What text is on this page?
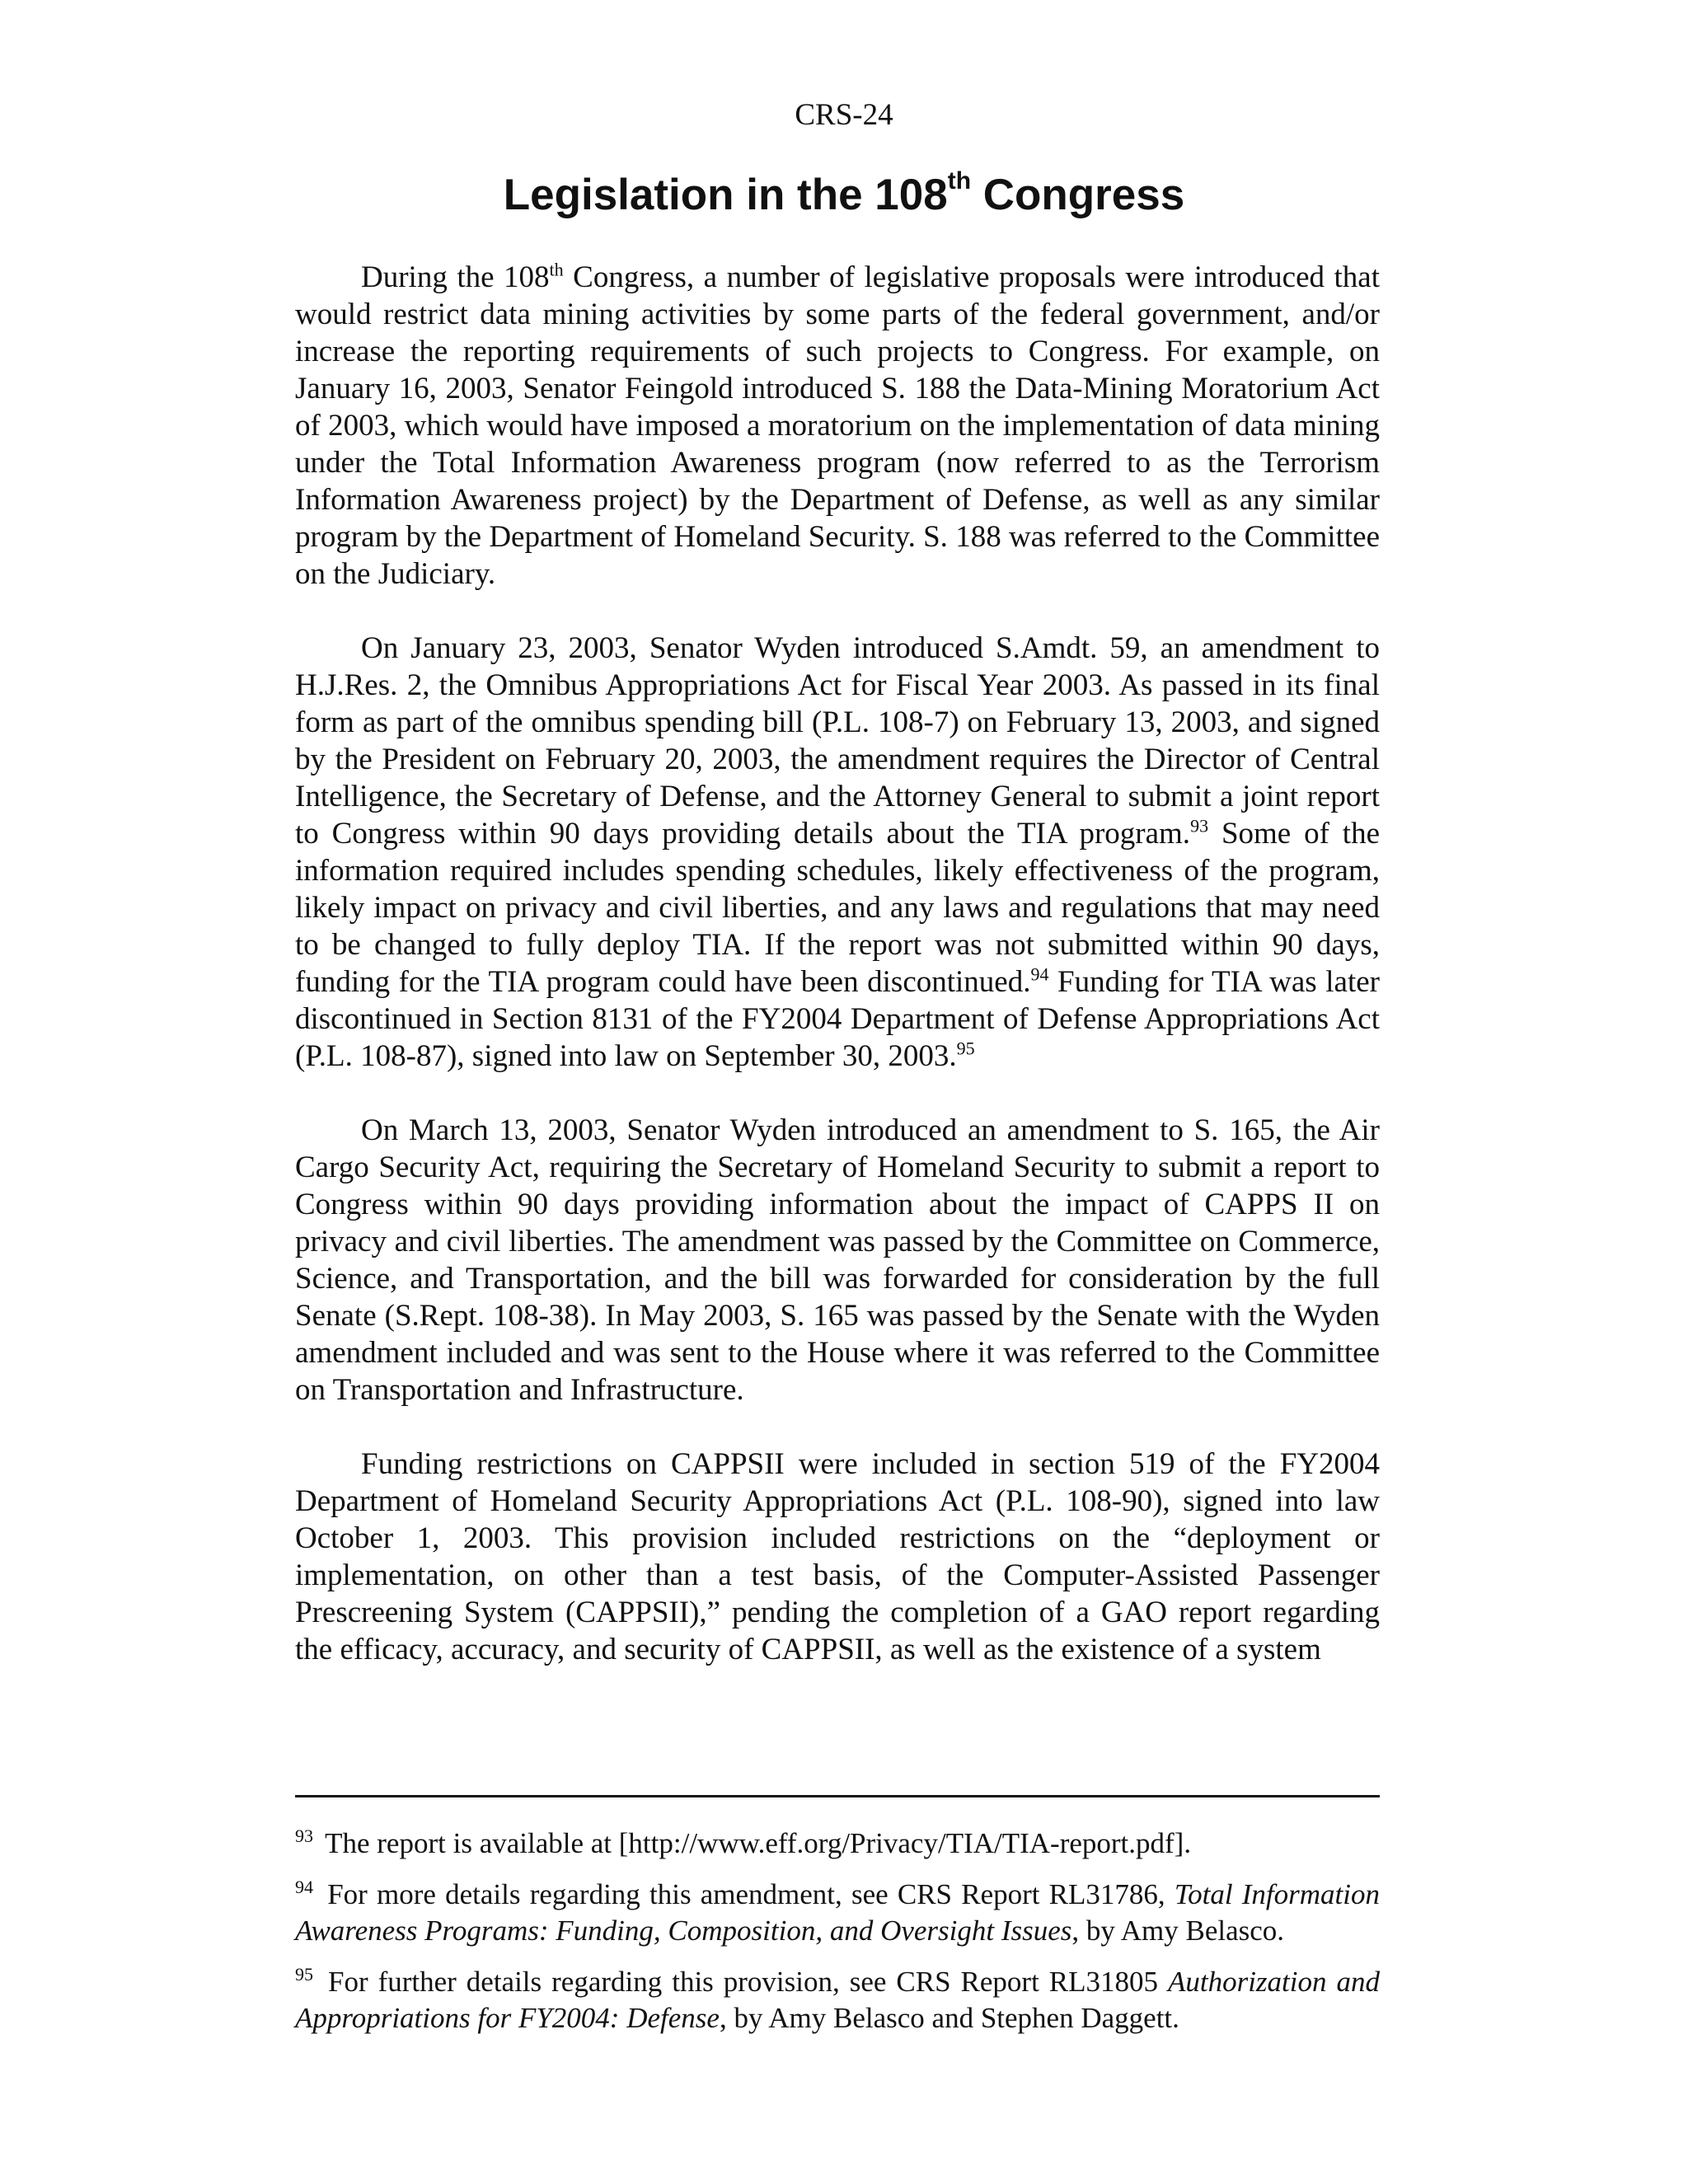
CRS-24
Legislation in the 108th Congress

During the 108th Congress, a number of legislative proposals were introduced that would restrict data mining activities by some parts of the federal government, and/or increase the reporting requirements of such projects to Congress. For example, on January 16, 2003, Senator Feingold introduced S. 188 the Data-Mining Moratorium Act of 2003, which would have imposed a moratorium on the implementation of data mining under the Total Information Awareness program (now referred to as the Terrorism Information Awareness project) by the Department of Defense, as well as any similar program by the Department of Homeland Security. S. 188 was referred to the Committee on the Judiciary.

On January 23, 2003, Senator Wyden introduced S.Amdt. 59, an amendment to H.J.Res. 2, the Omnibus Appropriations Act for Fiscal Year 2003. As passed in its final form as part of the omnibus spending bill (P.L. 108-7) on February 13, 2003, and signed by the President on February 20, 2003, the amendment requires the Director of Central Intelligence, the Secretary of Defense, and the Attorney General to submit a joint report to Congress within 90 days providing details about the TIA program.$^{93}$ Some of the information required includes spending schedules, likely effectiveness of the program, likely impact on privacy and civil liberties, and any laws and regulations that may need to be changed to fully deploy TIA. If the report was not submitted within 90 days, funding for the TIA program could have been discontinued.$^{94}$ Funding for TIA was later discontinued in Section 8131 of the FY2004 Department of Defense Appropriations Act (P.L. 108-87), signed into law on September 30, 2003.95

On March 13, 2003, Senator Wyden introduced an amendment to S. 165, the Air Cargo Security Act, requiring the Secretary of Homeland Security to submit a report to Congress within 90 days providing information about the impact of CAPPS II on privacy and civil liberties. The amendment was passed by the Committee on Commerce, Science, and Transportation, and the bill was forwarded for consideration by the full Senate (S.Rept. 108-38). In May 2003, S. 165 was passed by the Senate with the Wyden amendment included and was sent to the House where it was referred to the Committee on Transportation and Infrastructure.

Funding restrictions on CAPPSII were included in section 519 of the FY2004 Department of Homeland Security Appropriations Act (P.L. 108-90), signed into law October 1, 2003. This provision included restrictions on the “deployment or implementation, on other than a test basis, of the Computer-Assisted Passenger Prescreening System (CAPPSII),” pending the completion of a GAO report regarding the efficacy, accuracy, and security of CAPPSII, as well as the existence of a system

$^{93}$ The report is available at [http://www.eff.org/Privacy/TIA/TIA-report.pdf].

$^{94}$ For more details regarding this amendment, see CRS Report RL31786, Total Information Awareness Programs: Funding, Composition, and Oversight Issues, by Amy Belasco.

$^{95}$ For further details regarding this provision, see CRS Report RL31805 Authorization and Appropriations for FY2004: Defense, by Amy Belasco and Stephen Daggett.
